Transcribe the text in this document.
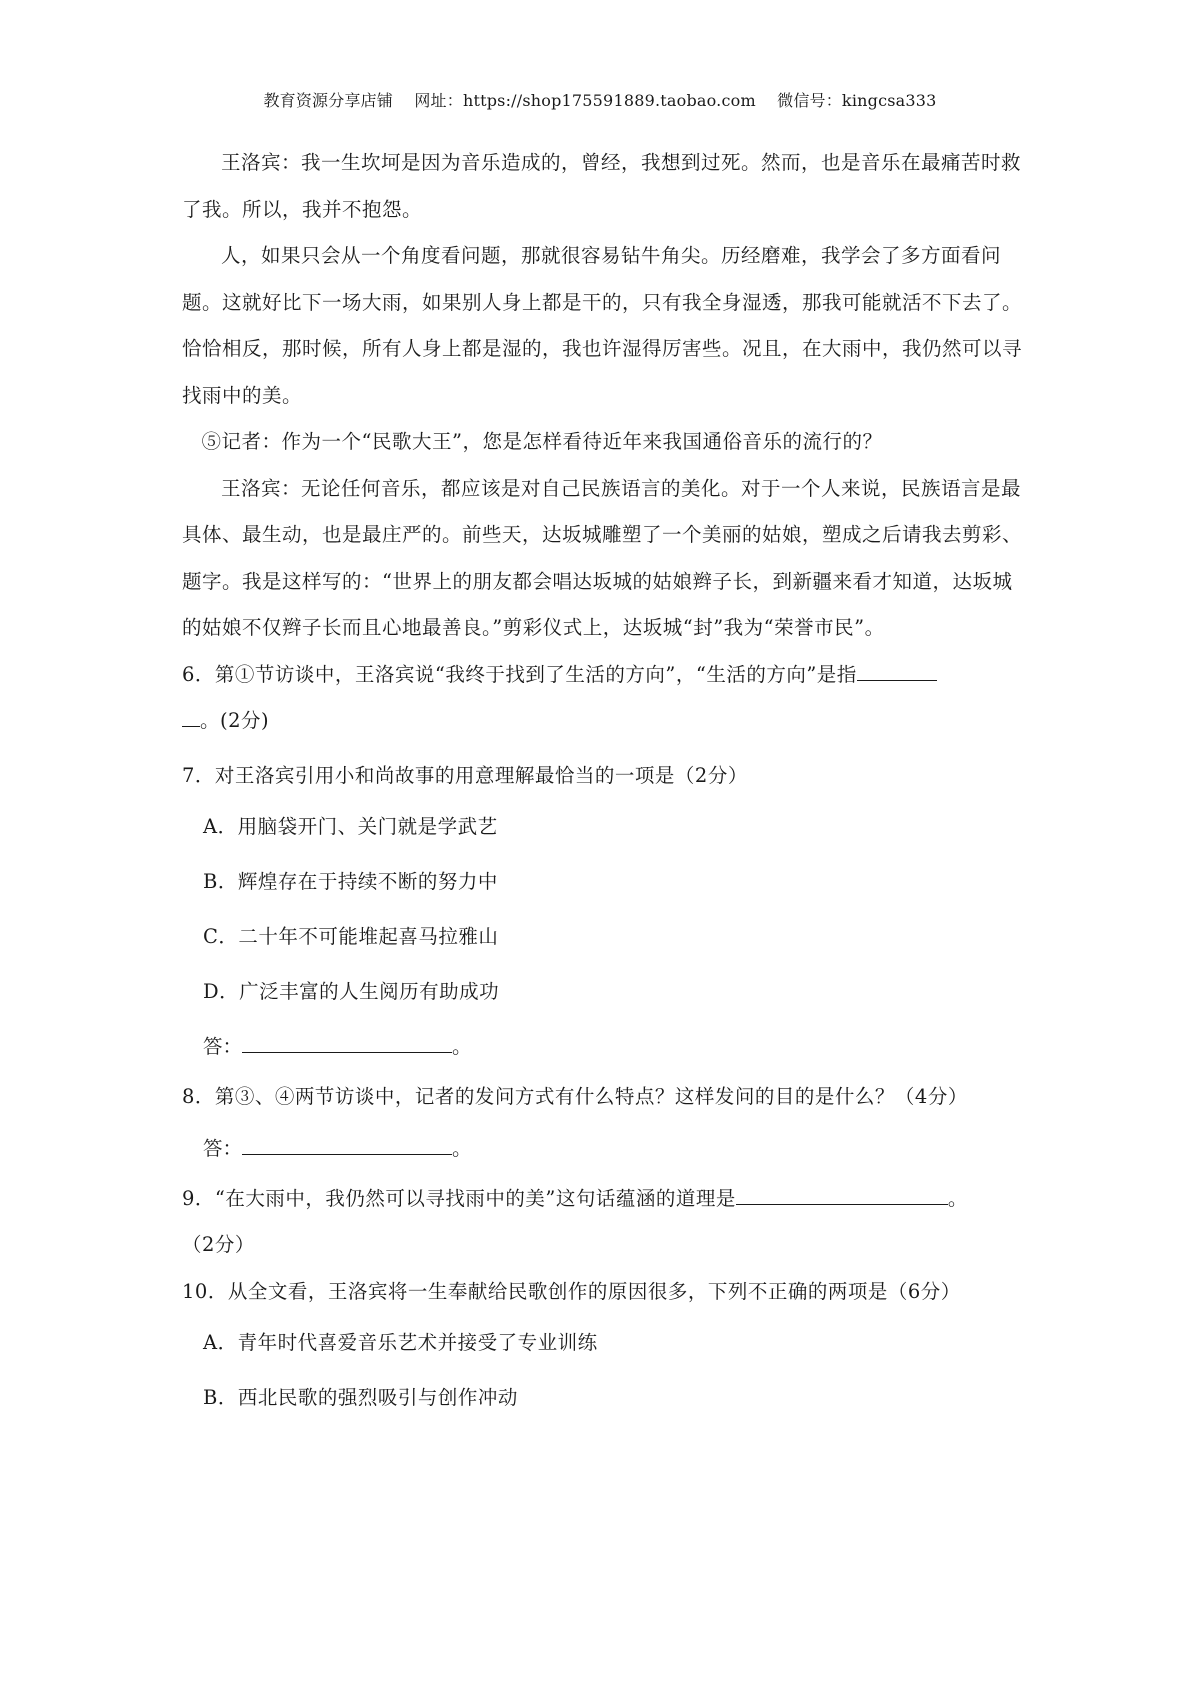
教育资源分享店铺 网址：https://shop175591889.taobao.com 微信号：kingcsa333

王洛宾：我一生坎坷是因为音乐造成的，曾经，我想到过死。然而，也是音乐在最痛苦时救了我。所以，我并不抱怨。

人，如果只会从一个角度看问题，那就很容易钻牛角尖。历经磨难，我学会了多方面看问题。这就好比下一场大雨，如果别人身上都是干的，只有我全身湿透，那我可能就活不下去了。恰恰相反，那时候，所有人身上都是湿的，我也许湿得厉害些。况且，在大雨中，我仍然可以寻找雨中的美。

⑤记者：作为一个“民歌大王”，您是怎样看待近年来我国通俗音乐的流行的？

王洛宾：无论任何音乐，都应该是对自己民族语言的美化。对于一个人来说，民族语言是最具体、最生动，也是最庄严的。前些天，达坂城雕塑了一个美丽的姑娘，塑成之后请我去剪彩、题字。我是这样写的：“世界上的朋友都会唱达坂城的姑娘辫子长，到新疆来看才知道，达坂城的姑娘不仅辫子长而且心地最善良。”剪彩仪式上，达坂城“封”我为“荣誉市民”。

6．第①节访谈中，王洛宾说“我终于找到了生活的方向”，“生活的方向”是指
。(2分)

7．对王洛宾引用小和尚故事的用意理解最恰当的一项是（2分）

A．用脑袋开门、关门就是学武艺

B．辉煌存在于持续不断的努力中

C．二十年不可能堆起喜马拉雅山

D．广泛丰富的人生阅历有助成功

答：	。

8．第③、④两节访谈中，记者的发问方式有什么特点？这样发问的目的是什么？（4分）

答：	。

9．“在大雨中，我仍然可以寻找雨中的美”这句话蕴涵的道理是	。
（2分）

10．从全文看，王洛宾将一生奉献给民歌创作的原因很多，下列不正确的两项是（6分）

A．青年时代喜爱音乐艺术并接受了专业训练

B．西北民歌的强烈吸引与创作冲动
